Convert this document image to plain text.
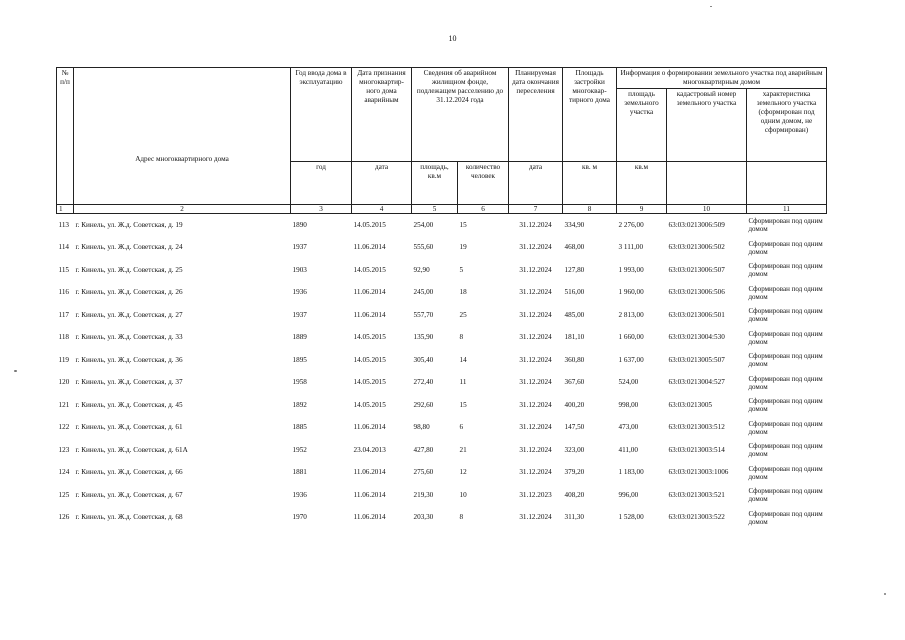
10
№ п/п	Адрес многоквартирного дома	Год ввода дома в эксплуатацию	Дата признания многоквартир- ного дома аварийным	Сведения об аварийном жилищном фонде, подлежащем расселению до 31.12.2024 года		Планируемая дата окончания переселения	Площадь застройки многоквар- тирного дома	Информация о формировании земельного участка под аварийным многоквартирным домом		
								площадь земельного участка	кадастровый номер земельного участка	характеристика земельного участка (сформирован под одним домом, не сформирован)
		год	дата	площадь, кв.м	количество человек	дата	кв. м	кв.м		
1	2	3	4	5	6	7	8	9	10	11
113	г. Кинель, ул. Ж.д. Советская, д. 19	1890	14.05.2015	254,00	15	31.12.2024	334,90	2 276,00	63:03:0213006:509	Сформирован под одним домом
114	г. Кинель, ул. Ж.д. Советская, д. 24	1937	11.06.2014	555,60	19	31.12.2024	468,00	3 111,00	63:03:0213006:502	Сформирован под одним домом
115	г. Кинель, ул. Ж.д. Советская, д. 25	1903	14.05.2015	92,90	5	31.12.2024	127,80	1 993,00	63:03:0213006:507	Сформирован под одним домом
116	г. Кинель, ул. Ж.д. Советская, д. 26	1936	11.06.2014	245,00	18	31.12.2024	516,00	1 960,00	63:03:0213006:506	Сформирован под одним домом
117	г. Кинель, ул. Ж.д. Советская, д. 27	1937	11.06.2014	557,70	25	31.12.2024	485,00	2 813,00	63:03:0213006:501	Сформирован под одним домом
118	г. Кинель, ул. Ж.д. Советская, д. 33	1889	14.05.2015	135,90	8	31.12.2024	181,10	1 660,00	63:03:0213004:530	Сформирован под одним домом
119	г. Кинель, ул. Ж.д. Советская, д. 36	1895	14.05.2015	305,40	14	31.12.2024	360,80	1 637,00	63:03:0213005:507	Сформирован под одним домом
120	г. Кинель, ул. Ж.д. Советская, д. 37	1958	14.05.2015	272,40	11	31.12.2024	367,60	524,00	63:03:0213004:527	Сформирован под одним домом
121	г. Кинель, ул. Ж.д. Советская, д. 45	1892	14.05.2015	292,60	15	31.12.2024	400,20	998,00	63:03:0213005	Сформирован под одним домом
122	г. Кинель, ул. Ж.д. Советская, д. 61	1885	11.06.2014	98,80	6	31.12.2024	147,50	473,00	63:03:0213003:512	Сформирован под одним домом
123	г. Кинель, ул. Ж.д. Советская, д. 61А	1952	23.04.2013	427,80	21	31.12.2024	323,00	411,00	63:03:0213003:514	Сформирован под одним домом
124	г. Кинель, ул. Ж.д. Советская, д. 66	1881	11.06.2014	275,60	12	31.12.2024	379,20	1 183,00	63:03:0213003:1006	Сформирован под одним домом
125	г. Кинель, ул. Ж.д. Советская, д. 67	1936	11.06.2014	219,30	10	31.12.2023	408,20	996,00	63:03:0213003:521	Сформирован под одним домом
126	г. Кинель, ул. Ж.д. Советская, д. 68	1970	11.06.2014	203,30	8	31.12.2024	311,30	1 528,00	63:03:0213003:522	Сформирован под одним домом
